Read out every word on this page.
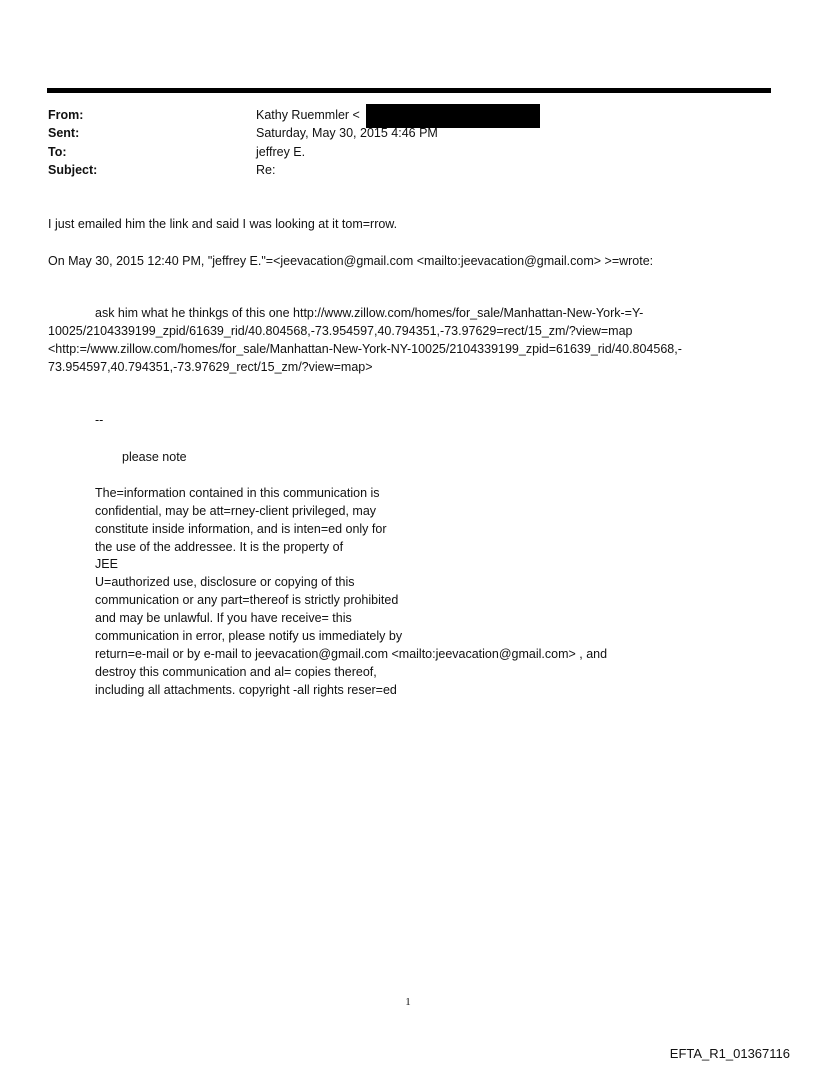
From:	Kathy Ruemmler <
Sent:	Saturday, May 30, 2015 4:46 PM
To:	jeffrey E.
Subject:	Re:
I just emailed him the link and said I was looking at it tom=rrow.
On May 30, 2015 12:40 PM, "jeffrey E."=<jeevacation@gmail.com <mailto:jeevacation@gmail.com> >=wrote:
ask him what he thinkgs of this one http://www.zillow.com/homes/for_sale/Manhattan-New-York-=Y-
10025/2104339199_zpid/61639_rid/40.804568,-73.954597,40.794351,-73.97629=rect/15_zm/?view=map
<http:=/www.zillow.com/homes/for_sale/Manhattan-New-York-NY-10025/2104339199_zpid=61639_rid/40.804568,-
73.954597,40.794351,-73.97629_rect/15_zm/?view=map>
--
please note
The=information contained in this communication is
confidential, may be att=rney-client privileged, may
constitute inside information, and is inten=ed only for
the use of the addressee. It is the property of
JEE
U=authorized use, disclosure or copying of this
communication or any part=thereof is strictly prohibited
and may be unlawful. If you have receive= this
communication in error, please notify us immediately by
return=e-mail or by e-mail to jeevacation@gmail.com <mailto:jeevacation@gmail.com> , and
destroy this communication and al= copies thereof,
including all attachments. copyright -all rights reser=ed
1
EFTA_R1_01367116
